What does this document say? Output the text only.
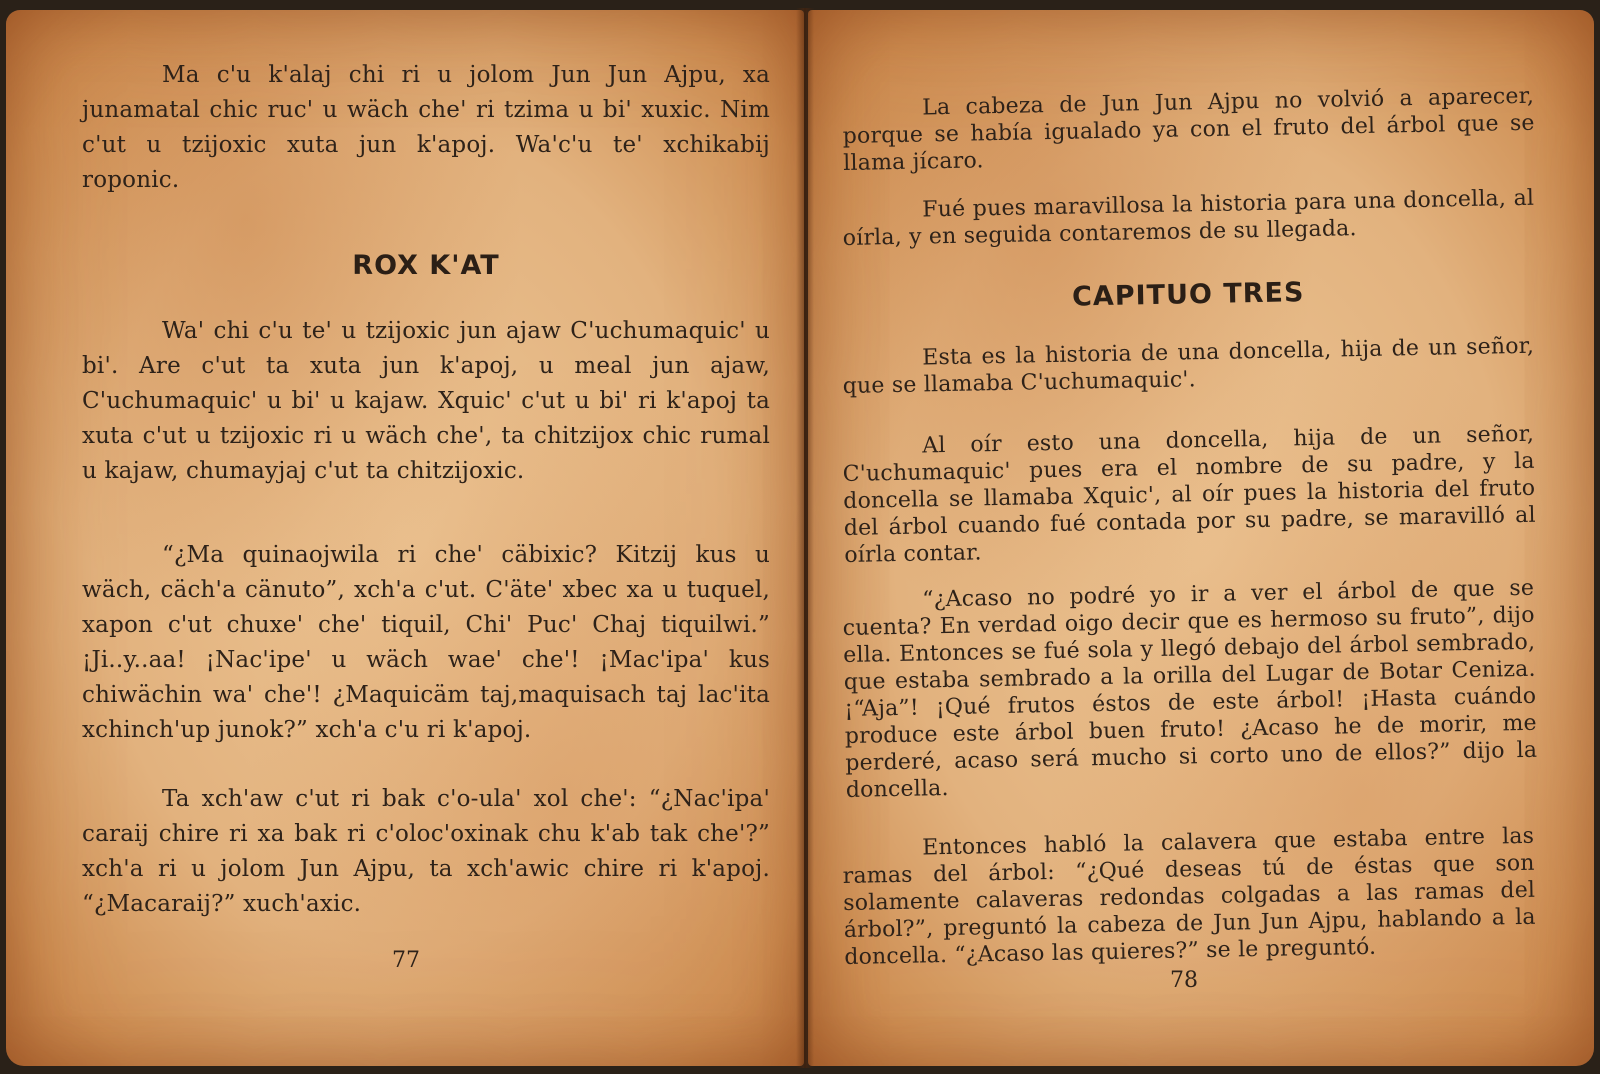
Ma c'u k'alaj chi ri u jolom Jun Jun Ajpu, xa junamatal chic ruc' u wäch che' ri tzima u bi' xuxic. Nim c'ut u tzijoxic xuta jun k'apoj. Wa'c'u te' xchikabij roponic.

ROX K'AT

Wa' chi c'u te' u tzijoxic jun ajaw C'uchumaquic' u bi'. Are c'ut ta xuta jun k'apoj, u meal jun ajaw, C'uchumaquic' u bi' u kajaw. Xquic' c'ut u bi' ri k'apoj ta xuta c'ut u tzijoxic ri u wäch che', ta chitzijox chic rumal u kajaw, chumayjaj c'ut ta chitzijoxic.

“¿Ma quinaojwila ri che' cäbixic? Kitzij kus u wäch, cäch'a cänuto”, xch'a c'ut. C'äte' xbec xa u tuquel, xapon c'ut chuxe' che' tiquil, Chi' Puc' Chaj tiquilwi.” ¡Ji..y..aa! ¡Nac'ipe' u wäch wae' che'! ¡Mac'ipa' kus chiwächin wa' che'! ¿Maquicäm taj,maquisach taj lac'ita xchinch'up junok?” xch'a c'u ri k'apoj.

Ta xch'aw c'ut ri bak c'o-ula' xol che': “¿Nac'ipa' caraij chire ri xa bak ri c'oloc'oxinak chu k'ab tak che'?” xch'a ri u jolom Jun Ajpu, ta xch'awic chire ri k'apoj. “¿Macaraij?” xuch'axic.

77

La cabeza de Jun Jun Ajpu no volvió a aparecer, porque se había igualado ya con el fruto del árbol que se llama jícaro.

Fué pues maravillosa la historia para una doncella, al oírla, y en seguida contaremos de su llegada.

CAPITUO TRES

Esta es la historia de una doncella, hija de un señor, que se llamaba C'uchumaquic'.

Al oír esto una doncella, hija de un señor, C'uchumaquic' pues era el nombre de su padre, y la doncella se llamaba Xquic', al oír pues la historia del fruto del árbol cuando fué contada por su padre, se maravilló al oírla contar.

“¿Acaso no podré yo ir a ver el árbol de que se cuenta? En verdad oigo decir que es hermoso su fruto”, dijo ella. Entonces se fué sola y llegó debajo del árbol sembrado, que estaba sembrado a la orilla del Lugar de Botar Ceniza. ¡“Aja”! ¡Qué frutos éstos de este árbol! ¡Hasta cuándo produce este árbol buen fruto! ¿Acaso he de morir, me perderé, acaso será mucho si corto uno de ellos?” dijo la doncella.

Entonces habló la calavera que estaba entre las ramas del árbol: “¿Qué deseas tú de éstas que son solamente calaveras redondas colgadas a las ramas del árbol?”, preguntó la cabeza de Jun Jun Ajpu, hablando a la doncella. “¿Acaso las quieres?” se le preguntó.

78
